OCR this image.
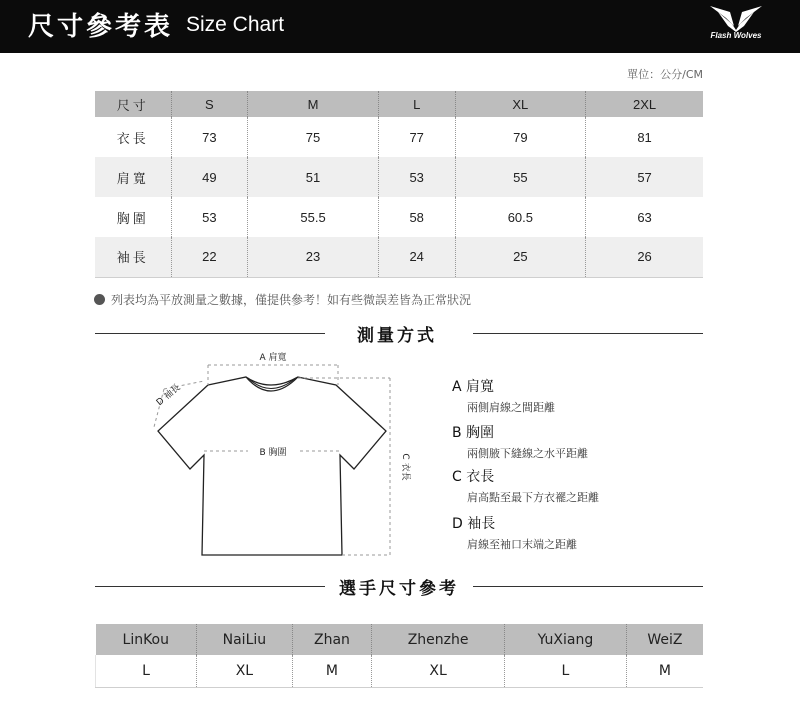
尺寸參考表 Size Chart	Flash Wolves
單位：公分/CM
尺寸	S	M	L	XL	2XL
衣長	73	75	77	79	81
肩寬	49	51	53	55	57
胸圍	53	55.5	58	60.5	63
袖長	22	23	24	25	26
列表均為平放測量之數據，僅提供參考！如有些微誤差皆為正常狀況
測量方式
A 肩寬
B 胸圍
C 衣長
D 袖長	A 肩寬
兩側肩線之間距離
B 胸圍
兩側腋下縫線之水平距離
C 衣長
肩高點至最下方衣襬之距離
D 袖長
肩線至袖口末端之距離
選手尺寸參考
LinKou	NaiLiu	Zhan	Zhenzhe	YuXiang	WeiZ
L	XL	M	XL	L	M
